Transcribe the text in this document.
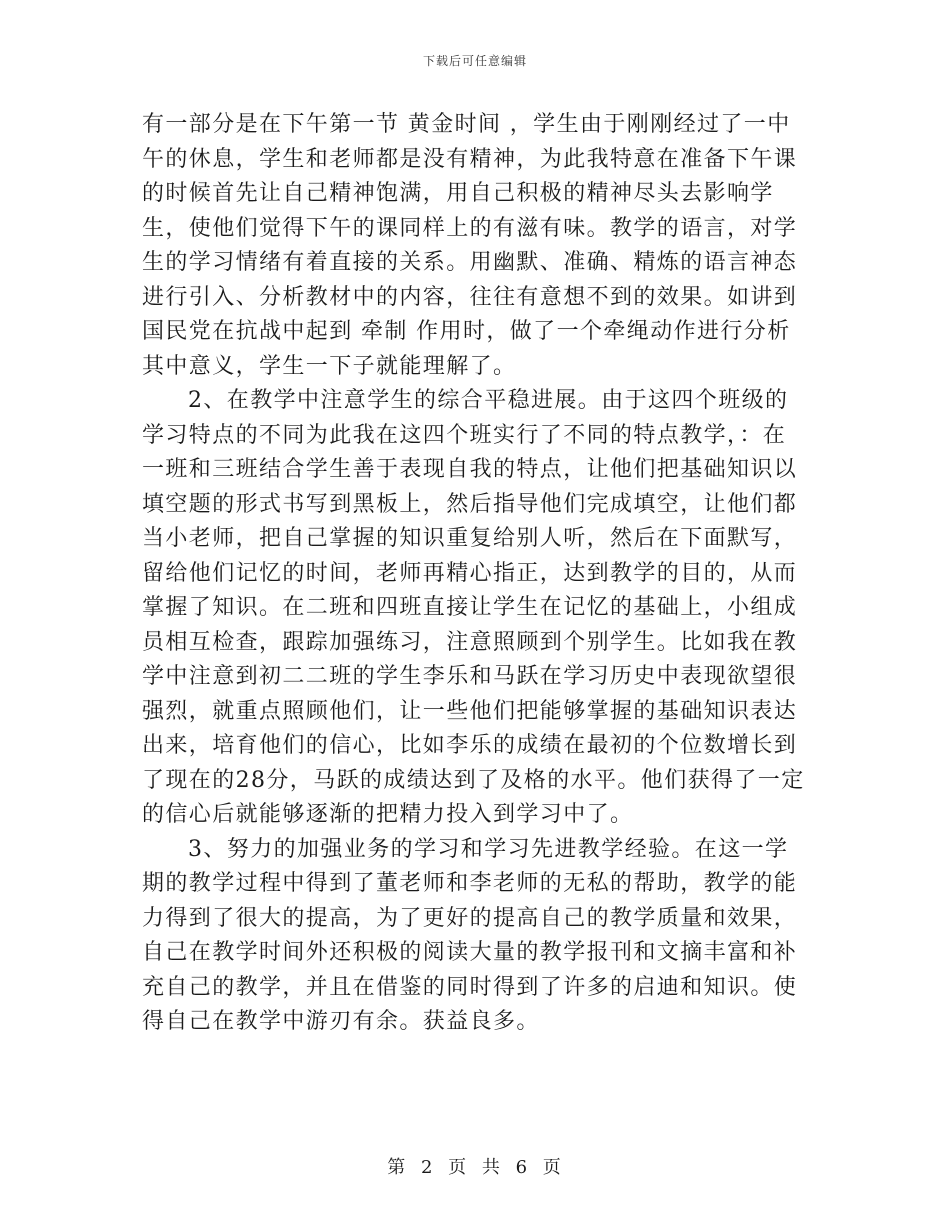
下载后可任意编辑

有一部分是在下午第一节 黄金时间 ，学生由于刚刚经过了一中午的休息，学生和老师都是没有精神，为此我特意在准备下午课的时候首先让自己精神饱满，用自己积极的精神尽头去影响学生，使他们觉得下午的课同样上的有滋有味。教学的语言，对学生的学习情绪有着直接的关系。用幽默、准确、精炼的语言神态进行引入、分析教材中的内容，往往有意想不到的效果。如讲到国民党在抗战中起到 牵制 作用时，做了一个牵绳动作进行分析其中意义，学生一下子就能理解了。

2、在教学中注意学生的综合平稳进展。由于这四个班级的学习特点的不同为此我在这四个班实行了不同的特点教学，：在一班和三班结合学生善于表现自我的特点，让他们把基础知识以填空题的形式书写到黑板上，然后指导他们完成填空，让他们都当小老师，把自己掌握的知识重复给别人听，然后在下面默写，留给他们记忆的时间，老师再精心指正，达到教学的目的，从而掌握了知识。在二班和四班直接让学生在记忆的基础上，小组成员相互检查，跟踪加强练习，注意照顾到个别学生。比如我在教学中注意到初二二班的学生李乐和马跃在学习历史中表现欲望很强烈，就重点照顾他们，让一些他们把能够掌握的基础知识表达出来，培育他们的信心，比如李乐的成绩在最初的个位数增长到了现在的28分，马跃的成绩达到了及格的水平。他们获得了一定的信心后就能够逐渐的把精力投入到学习中了。

3、努力的加强业务的学习和学习先进教学经验。在这一学期的教学过程中得到了董老师和李老师的无私的帮助，教学的能力得到了很大的提高，为了更好的提高自己的教学质量和效果，自己在教学时间外还积极的阅读大量的教学报刊和文摘丰富和补充自己的教学，并且在借鉴的同时得到了许多的启迪和知识。使得自己在教学中游刃有余。获益良多。

第 2 页 共 6 页
